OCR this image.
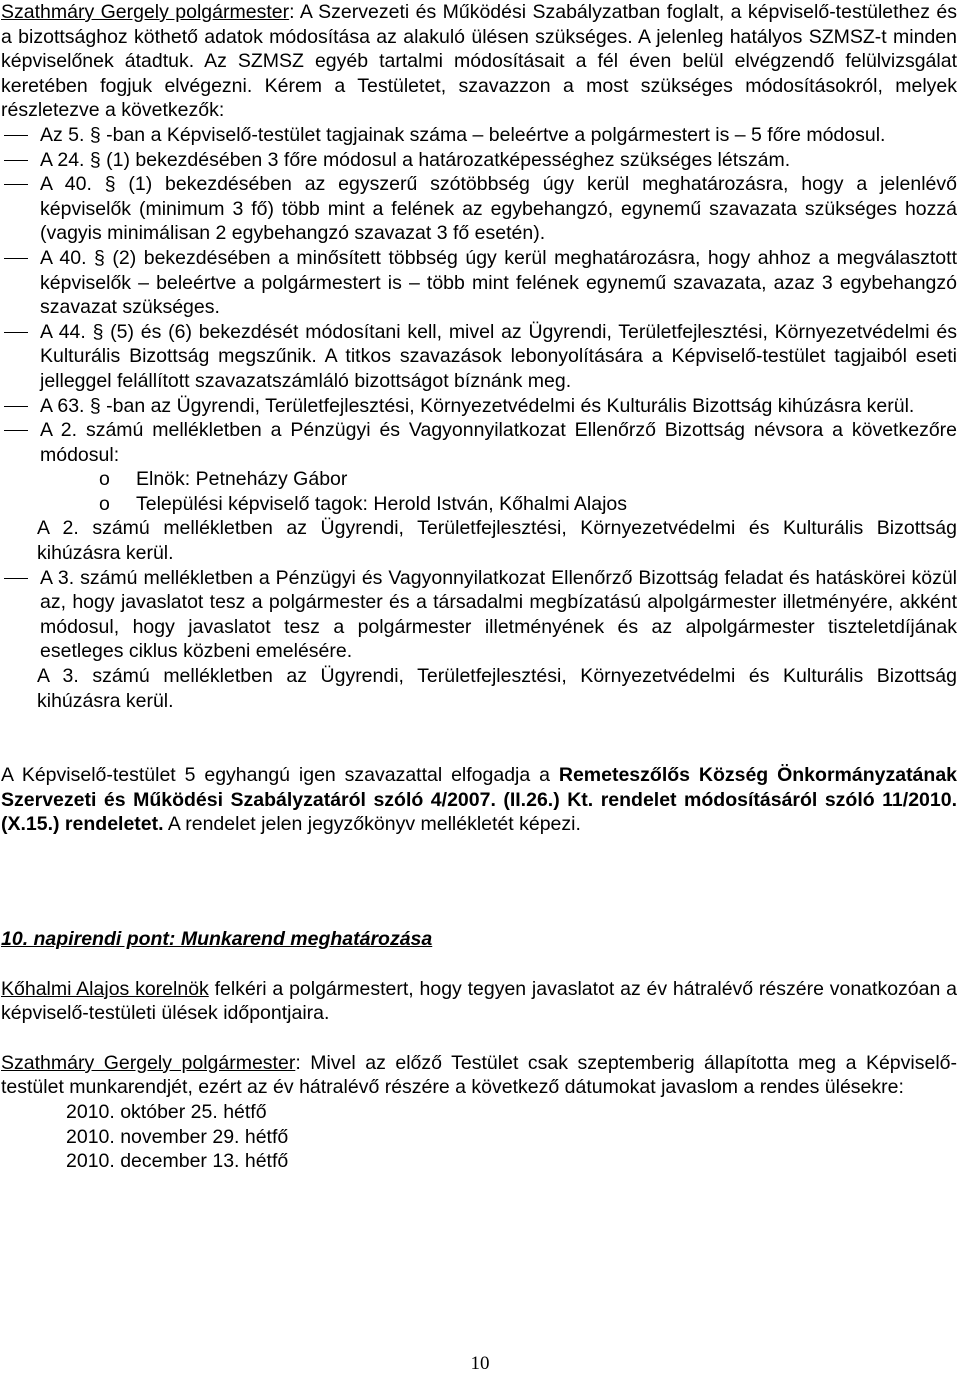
Szathmáry Gergely polgármester: A Szervezeti és Működési Szabályzatban foglalt, a képviselő-testülethez és a bizottsághoz köthető adatok módosítása az alakuló ülésen szükséges. A jelenleg hatályos SZMSZ-t minden képviselőnek átadtuk. Az SZMSZ egyéb tartalmi módosításait a fél éven belül elvégzendő felülvizsgálat keretében fogjuk elvégezni. Kérem a Testületet, szavazzon a most szükséges módosításokról, melyek részletezve a következők:

Az 5. § -ban a Képviselő-testület tagjainak száma – beleértve a polgármestert is – 5 főre módosul.

A 24. § (1) bekezdésében 3 főre módosul a határozatképességhez szükséges létszám.

A 40. § (1) bekezdésében az egyszerű szótöbbség úgy kerül meghatározásra, hogy a jelenlévő képviselők (minimum 3 fő) több mint a felének az egybehangzó, egynemű szavazata szükséges hozzá (vagyis minimálisan 2 egybehangzó szavazat 3 fő esetén).

A 40. § (2) bekezdésében a minősített többség úgy kerül meghatározásra, hogy ahhoz a megválasztott képviselők – beleértve a polgármestert is – több mint felének egynemű szavazata, azaz 3 egybehangzó szavazat szükséges.

A 44. § (5) és (6) bekezdését módosítani kell, mivel az Ügyrendi, Területfejlesztési, Környezetvédelmi és Kulturális Bizottság megszűnik. A titkos szavazások lebonyolítására a Képviselő-testület tagjaiból eseti jelleggel felállított szavazatszámláló bizottságot bíznánk meg.

A 63. § -ban az Ügyrendi, Területfejlesztési, Környezetvédelmi és Kulturális Bizottság kihúzásra kerül.

A 2. számú mellékletben a Pénzügyi és Vagyonnyilatkozat Ellenőrző Bizottság névsora a következőre módosul:

o Elnök: Petneházy Gábor

o Települési képviselő tagok: Herold István, Kőhalmi Alajos

A 2. számú mellékletben az Ügyrendi, Területfejlesztési, Környezetvédelmi és Kulturális Bizottság kihúzásra kerül.

A 3. számú mellékletben a Pénzügyi és Vagyonnyilatkozat Ellenőrző Bizottság feladat és hatáskörei közül az, hogy javaslatot tesz a polgármester és a társadalmi megbízatású alpolgármester illetményére, akként módosul, hogy javaslatot tesz a polgármester illetményének és az alpolgármester tiszteletdíjának esetleges ciklus közbeni emelésére.

A 3. számú mellékletben az Ügyrendi, Területfejlesztési, Környezetvédelmi és Kulturális Bizottság kihúzásra kerül.

A Képviselő-testület 5 egyhangú igen szavazattal elfogadja a Remeteszőlős Község Önkormányzatának Szervezeti és Működési Szabályzatáról szóló 4/2007. (II.26.) Kt. rendelet módosításáról szóló 11/2010. (X.15.) rendeletet. A rendelet jelen jegyzőkönyv mellékletét képezi.

10. napirendi pont: Munkarend meghatározása

Kőhalmi Alajos korelnök felkéri a polgármestert, hogy tegyen javaslatot az év hátralévő részére vonatkozóan a képviselő-testületi ülések időpontjaira.

Szathmáry Gergely polgármester: Mivel az előző Testület csak szeptemberig állapította meg a Képviselő-testület munkarendjét, ezért az év hátralévő részére a következő dátumokat javaslom a rendes ülésekre:

2010. október 25. hétfő

2010. november 29. hétfő

2010. december 13. hétfő

10
